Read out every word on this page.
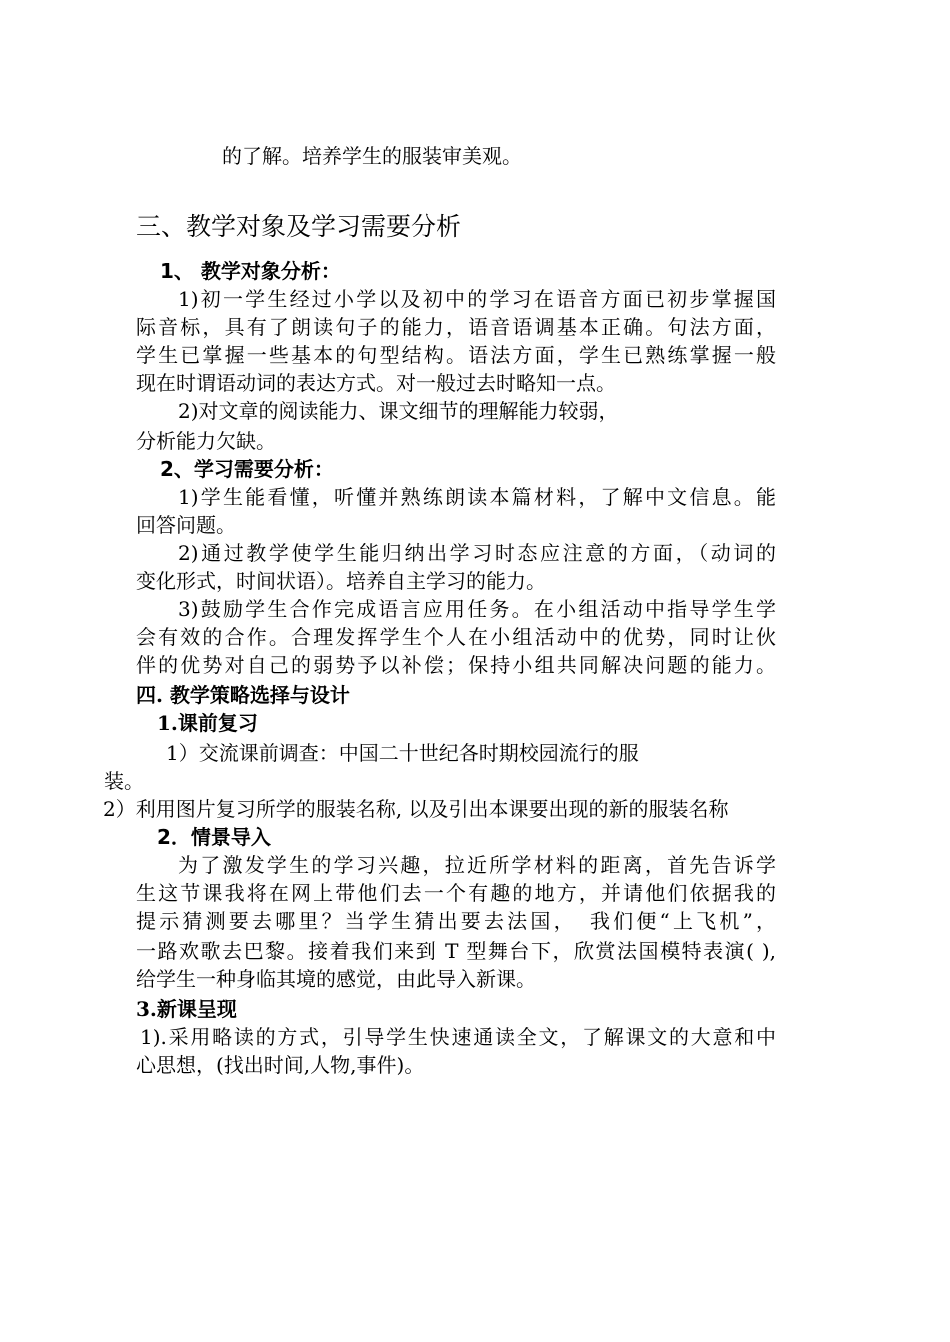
的了解。培养学生的服装审美观。
三、教学对象及学习需要分析
1、 教学对象分析：
1)初一学生经过小学以及初中的学习在语音方面已初步掌握国
际音标，具有了朗读句子的能力，语音语调基本正确。句法方面，
学生已掌握一些基本的句型结构。语法方面，学生已熟练掌握一般
现在时谓语动词的表达方式。对一般过去时略知一点。
2)对文章的阅读能力、课文细节的理解能力较弱，
分析能力欠缺。
2、学习需要分析：
1)学生能看懂，听懂并熟练朗读本篇材料，了解中文信息。能
回答问题。
2)通过教学使学生能归纳出学习时态应注意的方面，（动词的
变化形式，时间状语）。培养自主学习的能力。
3)鼓励学生合作完成语言应用任务。在小组活动中指导学生学
会有效的合作。合理发挥学生个人在小组活动中的优势，同时让伙
伴的优势对自己的弱势予以补偿；保持小组共同解决问题的能力。
四. 教学策略选择与设计
1.课前复习
1）交流课前调查：中国二十世纪各时期校园流行的服
装。
2）利用图片复习所学的服装名称, 以及引出本课要出现的新的服装名称
2．情景导入
为了激发学生的学习兴趣，拉近所学材料的距离，首先告诉学
生这节课我将在网上带他们去一个有趣的地方，并请他们依据我的
提示猜测要去哪里？当学生猜出要去法国，　我们便“上飞机”，
一路欢歌去巴黎。接着我们来到 T 型舞台下，欣赏法国模特表演( ),
给学生一种身临其境的感觉，由此导入新课。
3.新课呈现
1).采用略读的方式，引导学生快速通读全文，了解课文的大意和中
心思想，(找出时间,人物,事件)。
